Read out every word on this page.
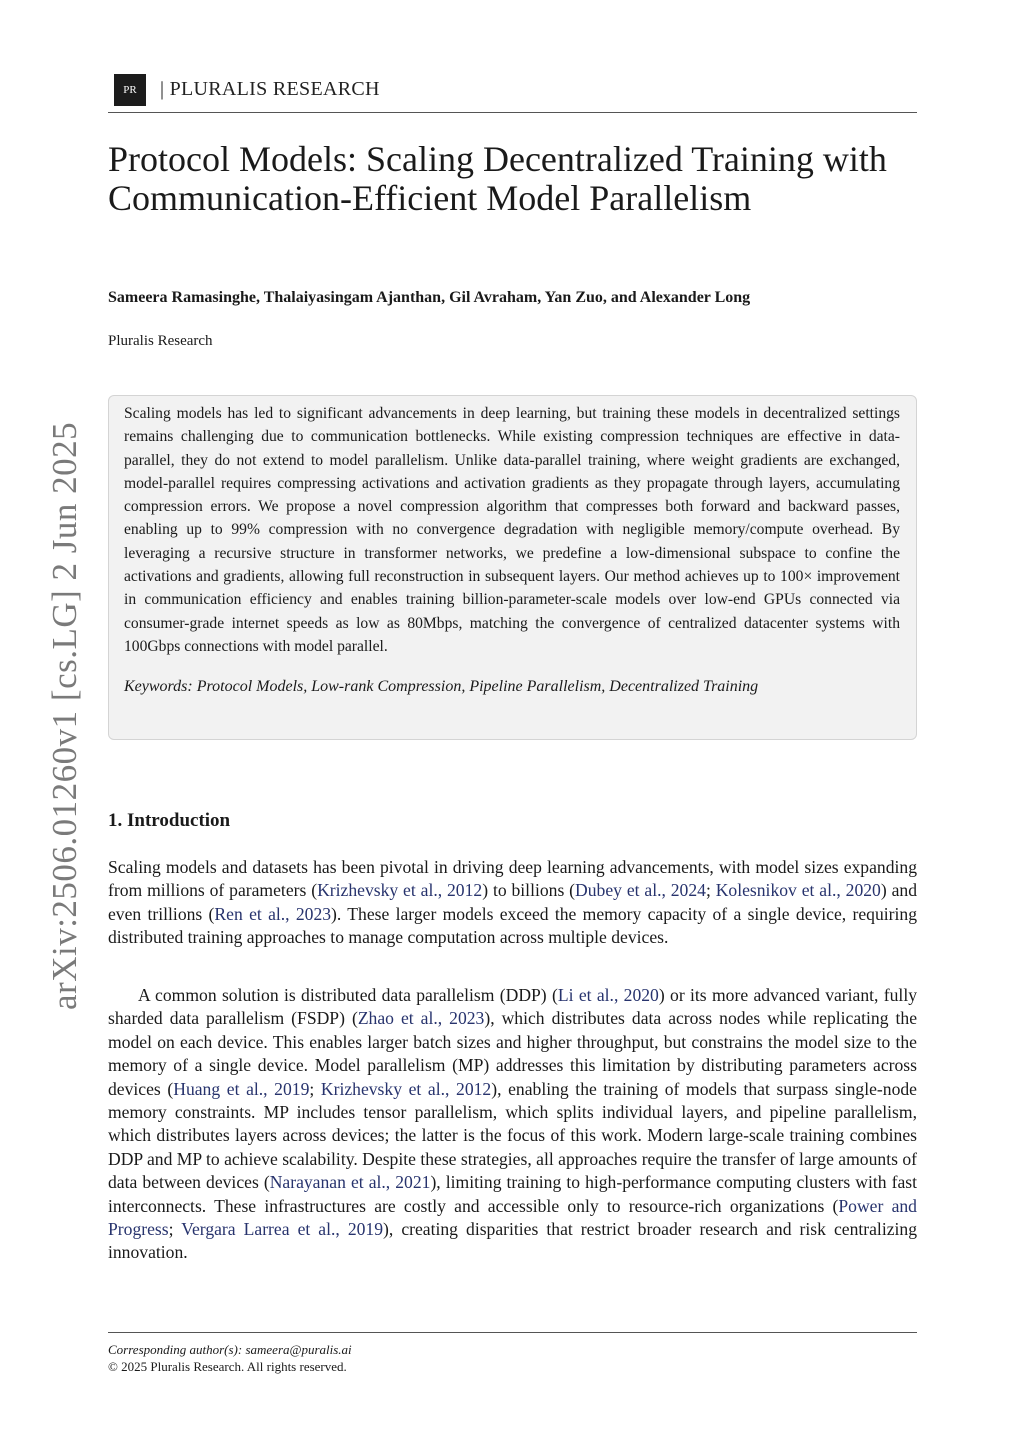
PR	| PLURALIS RESEARCH
arXiv:2506.01260v1 [cs.LG] 2 Jun 2025
Protocol Models: Scaling Decentralized Training with Communication-Efficient Model Parallelism
Sameera Ramasinghe, Thalaiyasingam Ajanthan, Gil Avraham, Yan Zuo, and Alexander Long
Pluralis Research

Scaling models has led to significant advancements in deep learning, but training these models in decentralized settings remains challenging due to communication bottlenecks. While existing compression techniques are effective in data-parallel, they do not extend to model parallelism. Unlike data-parallel training, where weight gradients are exchanged, model-parallel requires compressing activations and activation gradients as they propagate through layers, accumulating compression errors. We propose a novel compression algorithm that compresses both forward and backward passes, enabling up to 99% compression with no convergence degradation with negligible memory/compute overhead. By leveraging a recursive structure in transformer networks, we predefine a low-dimensional subspace to confine the activations and gradients, allowing full reconstruction in subsequent layers. Our method achieves up to 100× improvement in communication efficiency and enables training billion-parameter-scale models over low-end GPUs connected via consumer-grade internet speeds as low as 80Mbps, matching the convergence of centralized datacenter systems with 100Gbps connections with model parallel.

Keywords: Protocol Models, Low-rank Compression, Pipeline Parallelism, Decentralized Training
1. Introduction

Scaling models and datasets has been pivotal in driving deep learning advancements, with model sizes expanding from millions of parameters (Krizhevsky et al., 2012) to billions (Dubey et al., 2024; Kolesnikov et al., 2020) and even trillions (Ren et al., 2023). These larger models exceed the memory capacity of a single device, requiring distributed training approaches to manage computation across multiple devices.

A common solution is distributed data parallelism (DDP) (Li et al., 2020) or its more advanced variant, fully sharded data parallelism (FSDP) (Zhao et al., 2023), which distributes data across nodes while replicating the model on each device. This enables larger batch sizes and higher throughput, but constrains the model size to the memory of a single device. Model parallelism (MP) addresses this limitation by distributing parameters across devices (Huang et al., 2019; Krizhevsky et al., 2012), enabling the training of models that surpass single-node memory constraints. MP includes tensor parallelism, which splits individual layers, and pipeline parallelism, which distributes layers across devices; the latter is the focus of this work. Modern large-scale training combines DDP and MP to achieve scalability. Despite these strategies, all approaches require the transfer of large amounts of data between devices (Narayanan et al., 2021), limiting training to high-performance computing clusters with fast interconnects. These infrastructures are costly and accessible only to resource-rich organizations (Power and Progress; Vergara Larrea et al., 2019), creating disparities that restrict broader research and risk centralizing innovation.

Corresponding author(s): sameera@puralis.ai
© 2025 Pluralis Research. All rights reserved.
